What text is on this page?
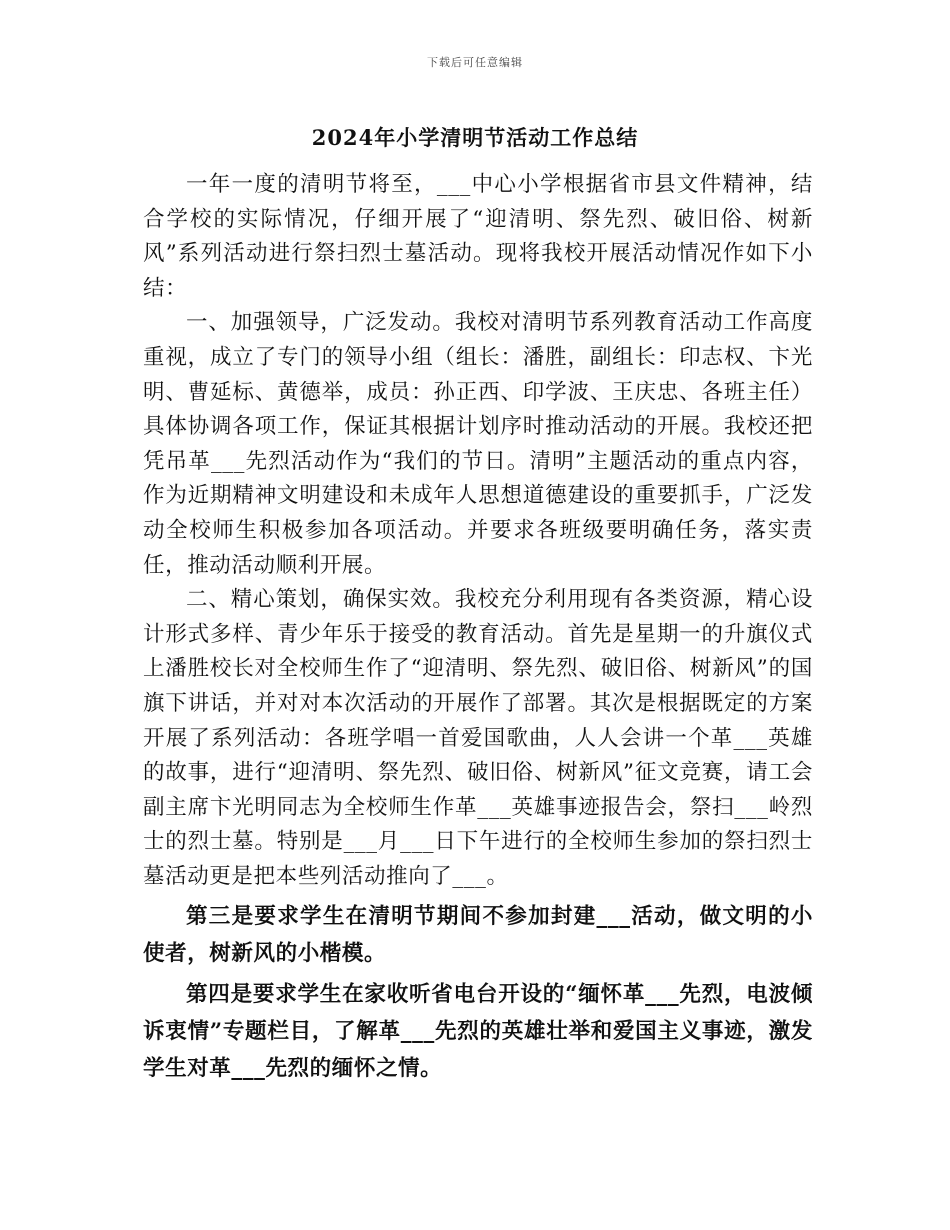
下载后可任意编辑
2024年小学清明节活动工作总结

一年一度的清明节将至，___中心小学根据省市县文件精神，结合学校的实际情况，仔细开展了“迎清明、祭先烈、破旧俗、树新风”系列活动进行祭扫烈士墓活动。现将我校开展活动情况作如下小结：

一、加强领导，广泛发动。我校对清明节系列教育活动工作高度重视，成立了专门的领导小组（组长：潘胜，副组长：印志权、卞光明、曹延标、黄德举，成员：孙正西、印学波、王庆忠、各班主任）具体协调各项工作，保证其根据计划序时推动活动的开展。我校还把凭吊革___先烈活动作为“我们的节日。清明”主题活动的重点内容，作为近期精神文明建设和未成年人思想道德建设的重要抓手，广泛发动全校师生积极参加各项活动。并要求各班级要明确任务，落实责任，推动活动顺利开展。

二、精心策划，确保实效。我校充分利用现有各类资源，精心设计形式多样、青少年乐于接受的教育活动。首先是星期一的升旗仪式上潘胜校长对全校师生作了“迎清明、祭先烈、破旧俗、树新风”的国旗下讲话，并对对本次活动的开展作了部署。其次是根据既定的方案开展了系列活动：各班学唱一首爱国歌曲，人人会讲一个革___英雄的故事，进行“迎清明、祭先烈、破旧俗、树新风”征文竞赛，请工会副主席卞光明同志为全校师生作革___英雄事迹报告会，祭扫___岭烈士的烈士墓。特别是___月___日下午进行的全校师生参加的祭扫烈士墓活动更是把本些列活动推向了___。

第三是要求学生在清明节期间不参加封建___活动，做文明的小使者，树新风的小楷模。

第四是要求学生在家收听省电台开设的“缅怀革___先烈，电波倾诉衷情”专题栏目，了解革___先烈的英雄壮举和爱国主义事迹，激发学生对革___先烈的缅怀之情。
